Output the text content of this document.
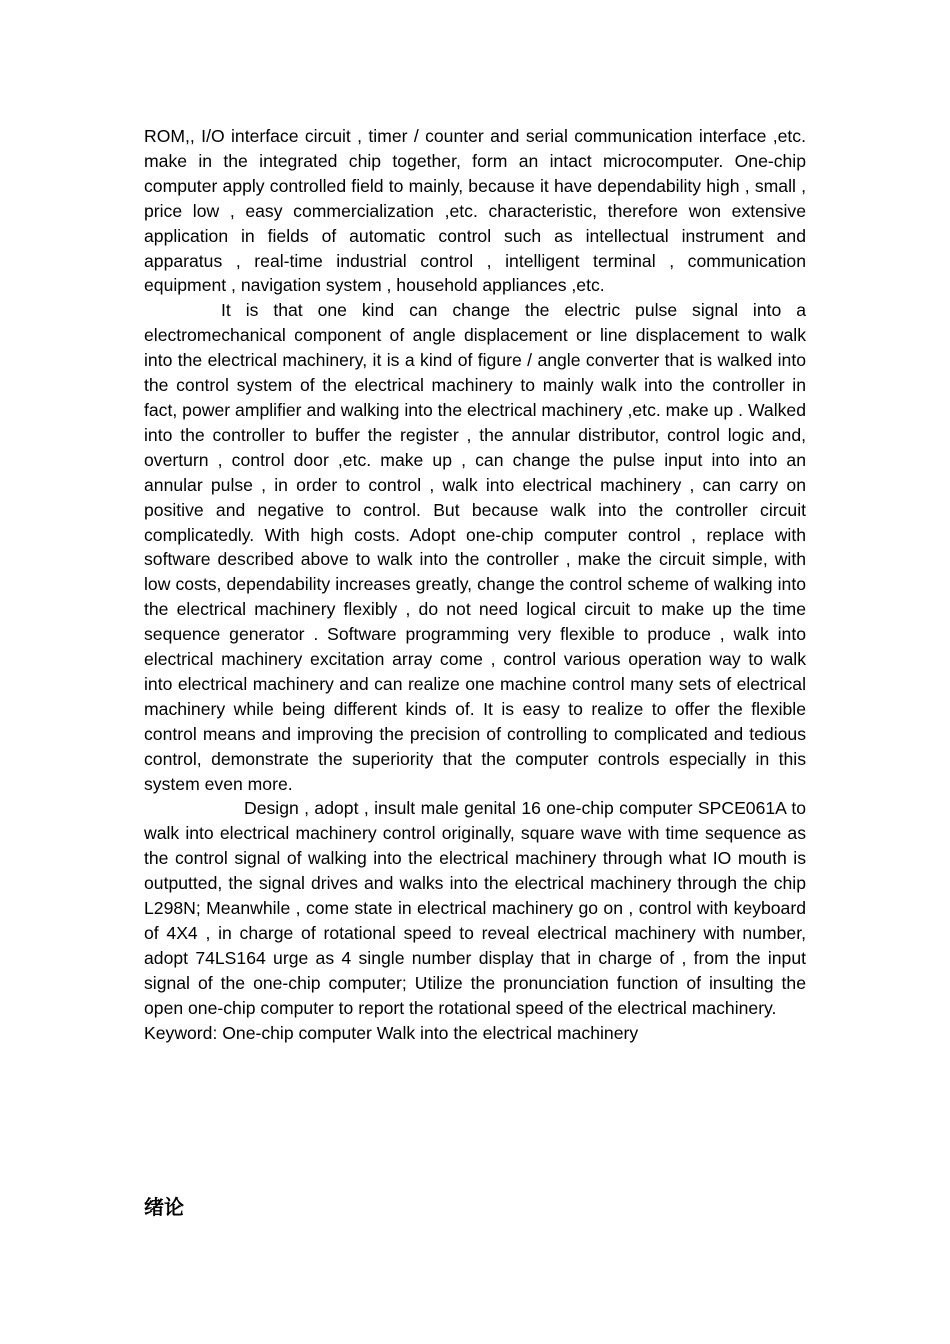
ROM,, I/O interface circuit , timer / counter and serial communication interface ,etc. make in the integrated chip together, form an intact microcomputer. One-chip computer apply controlled field to mainly, because it have dependability high , small , price low , easy commercialization ,etc. characteristic, therefore won extensive application in fields of automatic control such as intellectual instrument and apparatus , real-time industrial control , intelligent terminal , communication equipment , navigation system , household appliances ,etc.

It is that one kind can change the electric pulse signal into a electromechanical component of angle displacement or line displacement to walk into the electrical machinery, it is a kind of figure / angle converter that is walked into the control system of the electrical machinery to mainly walk into the controller in fact, power amplifier and walking into the electrical machinery ,etc. make up . Walked into the controller to buffer the register , the annular distributor, control logic and, overturn , control door ,etc. make up , can change the pulse input into into an annular pulse , in order to control , walk into electrical machinery , can carry on positive and negative to control. But because walk into the controller circuit complicatedly. With high costs. Adopt one-chip computer control , replace with software described above to walk into the controller , make the circuit simple, with low costs, dependability increases greatly, change the control scheme of walking into the electrical machinery flexibly , do not need logical circuit to make up the time sequence generator . Software programming very flexible to produce , walk into electrical machinery excitation array come , control various operation way to walk into electrical machinery and can realize one machine control many sets of electrical machinery while being different kinds of. It is easy to realize to offer the flexible control means and improving the precision of controlling to complicated and tedious control, demonstrate the superiority that the computer controls especially in this system even more.

Design , adopt , insult male genital 16 one-chip computer SPCE061A to walk into electrical machinery control originally, square wave with time sequence as the control signal of walking into the electrical machinery through what IO mouth is outputted, the signal drives and walks into the electrical machinery through the chip L298N; Meanwhile , come state in electrical machinery go on , control with keyboard of 4X4 , in charge of rotational speed to reveal electrical machinery with number, adopt 74LS164 urge as 4 single number display that in charge of , from the input signal of the one-chip computer; Utilize the pronunciation function of insulting the open one-chip computer to report the rotational speed of the electrical machinery.

Keyword: One-chip computer Walk into the electrical machinery

绪论
